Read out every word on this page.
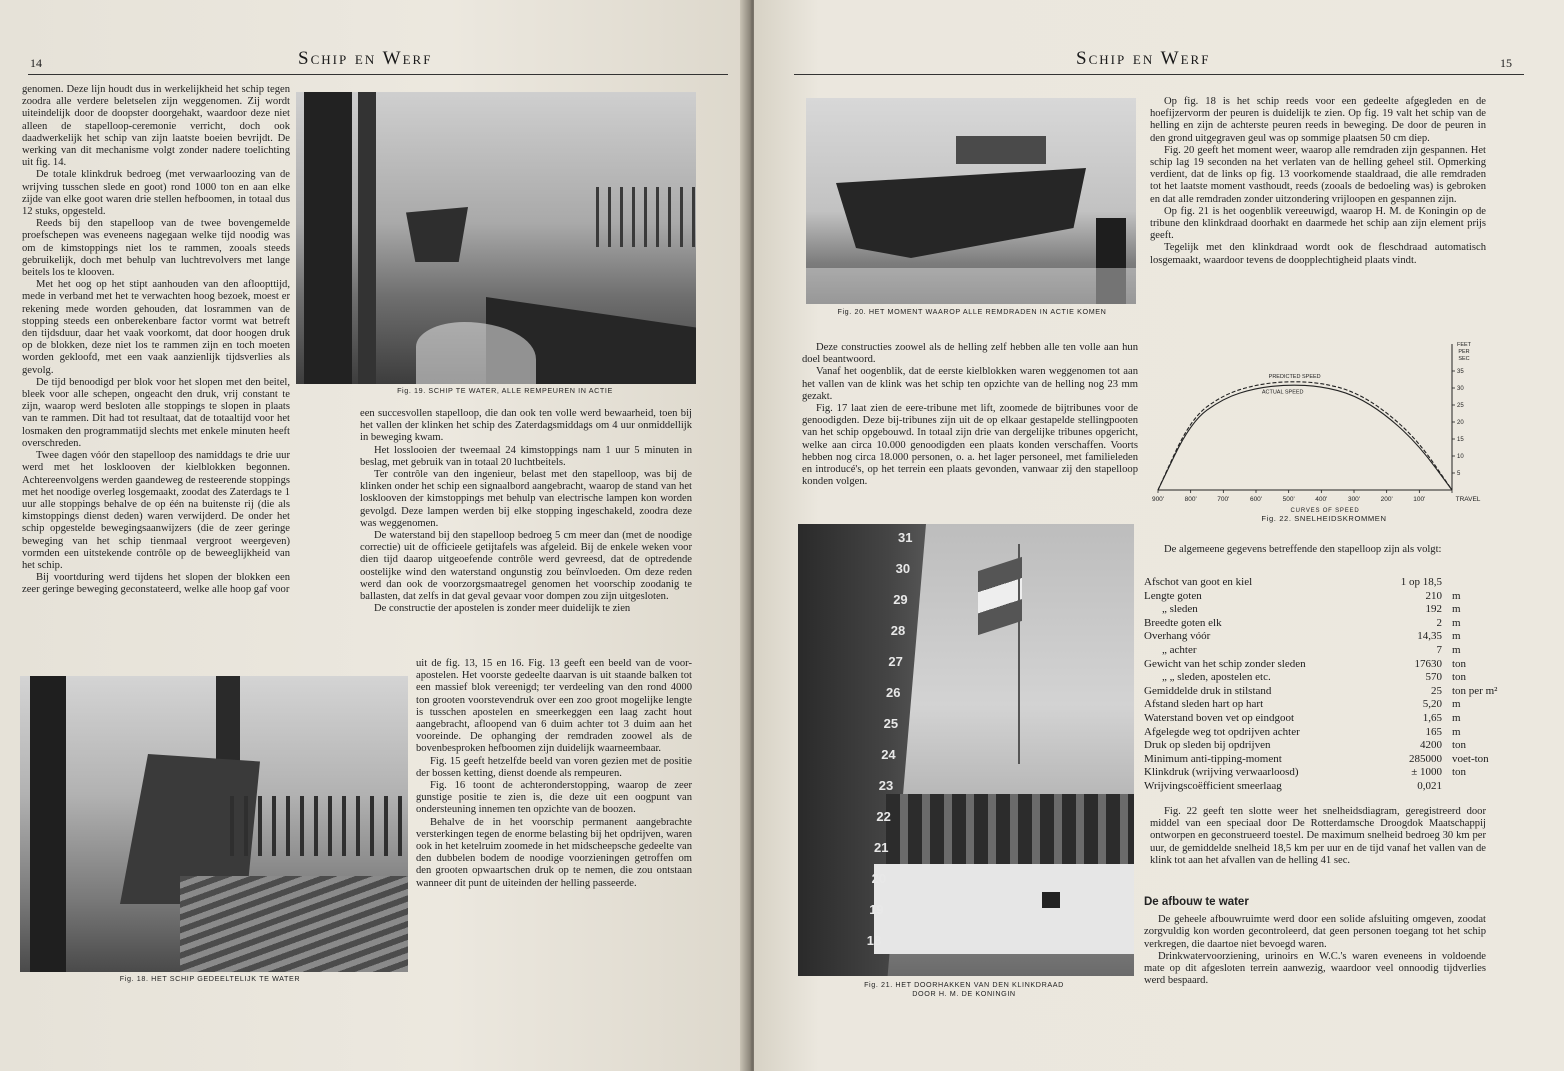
14	Schip en Werf

genomen. Deze lijn houdt dus in werkelijkheid het schip tegen zoodra alle verdere beletselen zijn weggenomen. Zij wordt uiteindelijk door de doopster doorgehakt, waardoor deze niet alleen de stapelloop-ceremonie verricht, doch ook daadwerkelijk het schip van zijn laatste boeien bevrijdt. De werking van dit mechanisme volgt zonder nadere toelichting uit fig. 14.

De totale klinkdruk bedroeg (met verwaarloozing van de wrijving tusschen slede en goot) rond 1000 ton en aan elke zijde van elke goot waren drie stellen hefboomen, in totaal dus 12 stuks, opgesteld.

Reeds bij den stapelloop van de twee bovengemelde proefschepen was eveneens nagegaan welke tijd noodig was om de kimstoppings niet los te rammen, zooals steeds gebruikelijk, doch met behulp van luchtrevolvers met lange beitels los te klooven.

Met het oog op het stipt aanhouden van den afloopttijd, mede in verband met het te verwachten hoog bezoek, moest er rekening mede worden gehouden, dat losrammen van de stopping steeds een onberekenbare factor vormt wat betreft den tijdsduur, daar het vaak voorkomt, dat door hoogen druk op de blokken, deze niet los te rammen zijn en toch moeten worden gekloofd, met een vaak aanzienlijk tijdsverlies als gevolg.

De tijd benoodigd per blok voor het slopen met den beitel, bleek voor alle schepen, ongeacht den druk, vrij constant te zijn, waarop werd besloten alle stoppings te slopen in plaats van te rammen. Dit had tot resultaat, dat de totaaltijd voor het losmaken den programmatijd slechts met enkele minuten heeft overschreden.

Twee dagen vóór den stapelloop des namiddags te drie uur werd met het losklooven der kielblokken begonnen. Achtereenvolgens werden gaandeweg de resteerende stoppings met het noodige overleg losgemaakt, zoodat des Zaterdags te 1 uur alle stoppings behalve de op één na buitenste rij (die als kimstoppings dienst deden) waren verwijderd. De onder het schip opgestelde bewegingsaanwijzers (die de zeer geringe beweging van het schip tienmaal vergroot weergeven) vormden een uitstekende contrôle op de beweeglijkheid van het schip.

Bij voortduring werd tijdens het slopen der blokken een zeer geringe beweging geconstateerd, welke alle hoop gaf voor

Fig. 19. SCHIP TE WATER, ALLE REMPEUREN IN ACTIE

een succesvollen stapelloop, die dan ook ten volle werd bewaarheid, toen bij het vallen der klinken het schip des Zaterdagsmiddags om 4 uur onmiddellijk in beweging kwam.

Het losslooien der tweemaal 24 kimstoppings nam 1 uur 5 minuten in beslag, met gebruik van in totaal 20 luchtbeitels.

Ter contrôle van den ingenieur, belast met den stapelloop, was bij de klinken onder het schip een signaalbord aangebracht, waarop de stand van het losklooven der kimstoppings met behulp van electrische lampen kon worden gevolgd. Deze lampen werden bij elke stopping ingeschakeld, zoodra deze was weggenomen.

De waterstand bij den stapelloop bedroeg 5 cm meer dan (met de noodige correctie) uit de officieele getijtafels was afgeleid. Bij de enkele weken voor dien tijd daarop uitgeoefende contrôle werd gevreesd, dat de optredende oostelijke wind den waterstand ongunstig zou beïnvloeden. Om deze reden werd dan ook de voorzorgsmaatregel genomen het voorschip zoodanig te ballasten, dat zelfs in dat geval gevaar voor dompen zou zijn uitgesloten.

De constructie der apostelen is zonder meer duidelijk te zien

Fig. 18. HET SCHIP GEDEELTELIJK TE WATER

uit de fig. 13, 15 en 16. Fig. 13 geeft een beeld van de voor-apostelen. Het voorste gedeelte daarvan is uit staande balken tot een massief blok vereenigd; ter verdeeling van den rond 4000 ton grooten voorstevendruk over een zoo groot mogelijke lengte is tusschen apostelen en smeerkeggen een laag zacht hout aangebracht, afloopend van 6 duim achter tot 3 duim aan het vooreinde. De ophanging der remdraden zoowel als de bovenbesproken hefboomen zijn duidelijk waarneembaar.

Fig. 15 geeft hetzelfde beeld van voren gezien met de positie der bossen ketting, dienst doende als rempeuren.

Fig. 16 toont de achteronderstopping, waarop de zeer gunstige positie te zien is, die deze uit een oogpunt van ondersteuning innemen ten opzichte van de boozen.

Behalve de in het voorschip permanent aangebrachte versterkingen tegen de enorme belasting bij het opdrijven, waren ook in het ketelruim zoomede in het midscheepsche gedeelte van den dubbelen bodem de noodige voorzieningen getroffen om den grooten opwaartschen druk op te nemen, die zou ontstaan wanneer dit punt de uiteinden der helling passeerde.

Schip en Werf	15
Fig. 20. HET MOMENT WAAROP ALLE REMDRADEN IN ACTIE KOMEN

Deze constructies zoowel als de helling zelf hebben alle ten volle aan hun doel beantwoord.

Vanaf het oogenblik, dat de eerste kielblokken waren weggenomen tot aan het vallen van de klink was het schip ten opzichte van de helling nog 23 mm gezakt.

Fig. 17 laat zien de eere-tribune met lift, zoomede de bijtribunes voor de genoodigden. Deze bij-tribunes zijn uit de op elkaar gestapelde stellingpooten van het schip opgebouwd. In totaal zijn drie van dergelijke tribunes opgericht, welke aan circa 10.000 genoodigden een plaats konden verschaffen. Voorts hebben nog circa 18.000 personen, o. a. het lager personeel, met familieleden en introducé's, op het terrein een plaats gevonden, vanwaar zij den stapelloop konden volgen.

Op fig. 18 is het schip reeds voor een gedeelte afgegleden en de hoefijzervorm der peuren is duidelijk te zien. Op fig. 19 valt het schip van de helling en zijn de achterste peuren reeds in beweging. De door de peuren in den grond uitgegraven geul was op sommige plaatsen 50 cm diep.

Fig. 20 geeft het moment weer, waarop alle remdraden zijn gespannen. Het schip lag 19 seconden na het verlaten van de helling geheel stil. Opmerking verdient, dat de links op fig. 13 voorkomende staaldraad, die alle remdraden tot het laatste moment vasthoudt, reeds (zooals de bedoeling was) is gebroken en dat alle remdraden zonder uitzondering vrijloopen en gespannen zijn.

Op fig. 21 is het oogenblik vereeuwigd, waarop H. M. de Koningin op de tribune den klinkdraad doorhakt en daarmede het schip aan zijn element prijs geeft.

Tegelijk met den klinkdraad wordt ook de fleschdraad automatisch losgemaakt, waardoor tevens de doopplechtigheid plaats vindt.

900'	800'	700'	600'	500'	400'	300'	200'	100'	TRAVEL
35
30
25
20
15
10
5
FEET
PER
SEC
CURVES OF SPEED
PREDICTED SPEED
ACTUAL SPEED
Fig. 22. SNELHEIDSKROMMEN
31
30
29
28
27
26
25
24
23
22
21
20
19
18
Fig. 21. HET DOORHAKKEN VAN DEN KLINKDRAAD
DOOR H. M. DE KONINGIN

De algemeene gegevens betreffende den stapelloop zijn als volgt:

Afschot van goot en kiel	1 op 18,5	
Lengte goten	210	m
„ sleden	192	m
Breedte goten elk	2	m
Overhang vóór	14,35	m
„ achter	7	m
Gewicht van het schip zonder sleden	17630	ton
„ „ sleden, apostelen etc.	570	ton
Gemiddelde druk in stilstand	25	ton per m²
Afstand sleden hart op hart	5,20	m
Waterstand boven vet op eindgoot	1,65	m
Afgelegde weg tot opdrijven achter	165	m
Druk op sleden bij opdrijven	4200	ton
Minimum anti-tipping-moment	285000	voet-ton
Klinkdruk (wrijving verwaarloosd)	± 1000	ton
Wrijvingscoëfficient smeerlaag	0,021	

Fig. 22 geeft ten slotte weer het snelheidsdiagram, geregistreerd door middel van een speciaal door De Rotterdamsche Droogdok Maatschappij ontworpen en geconstrueerd toestel. De maximum snelheid bedroeg 30 km per uur, de gemiddelde snelheid 18,5 km per uur en de tijd vanaf het vallen van de klink tot aan het afvallen van de helling 41 sec.

De afbouw te water

De geheele afbouwruimte werd door een solide afsluiting omgeven, zoodat zorgvuldig kon worden gecontroleerd, dat geen personen toegang tot het schip verkregen, die daartoe niet bevoegd waren.

Drinkwatervoorziening, urinoirs en W.C.'s waren eveneens in voldoende mate op dit afgesloten terrein aanwezig, waardoor veel onnoodig tijdverlies werd bespaard.
